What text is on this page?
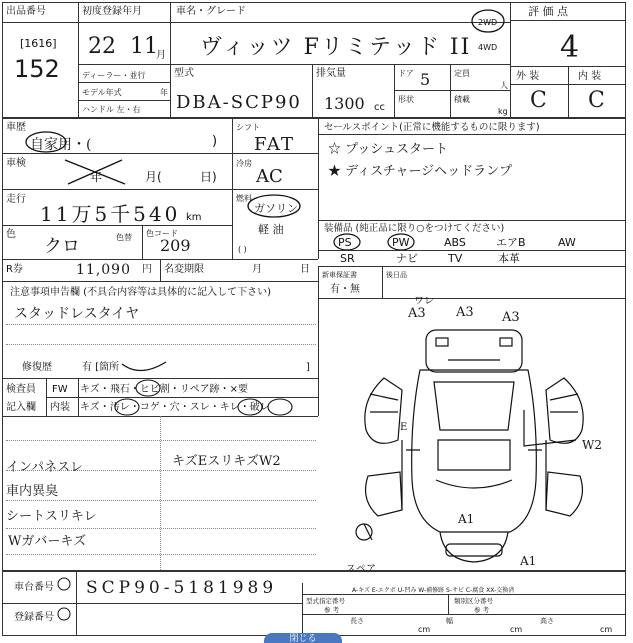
出品番号
[1616]
152
初度登録年月
22 11
月
車名・グレード
ヴィッツ Fリミテッド II
2WD
4WD
評 価 点
4
外 装	内 装
C C
ディーラー・並行
モデル年式	年
ハンドル 左・右
型式
DBA-SCP90
排気量
1300 cc
ドア 5	定員
人
形状	積載
kg
車歴
自家用・(	)
車検
年	月(	日)
走行
11万5千540 km
色
クロ	色替 色コード
209
シフト
FAT
冷房
AC
燃料
ガソリン
軽 油
( )
セールスポイント(正常に機能するものに限ります)
☆ プッシュスタート
★ ディスチャージヘッドランプ
装備品 (純正品に限り○をつけてください)
PS	PW	ABS	エアB	AW
SR	ナビ	TV	本革
R券	11,090 円 名変期限	月	日 新車保証書
有・無
後日品
注意事項申告欄 (不具合内容等は具体的に記入して下さい)
スタッドレスタイヤ
修復歴	有 [箇所	]
検査員
記入欄
FW キズ・飛石・ヒビ割・リペア跡・×要
内装 キズ・汚レ・コゲ・穴・スレ・キレ・破レ
インパネスレ
車内異臭
シートスリキレ
Wガバーキズ
キズEスリキズW2
A3
ワレ
A3 A3
E
W2
A1
A1
スペア
車台番号 SCP90-5181989
登録番号
A-キズ E-エクボ U-凹み W-補修跡 S-サビ C-腐食 XX-交換済
型式指定番号	類別区分番号
参 考	参 考
長さ
cm
幅
cm
高さ
cm
閉じる
